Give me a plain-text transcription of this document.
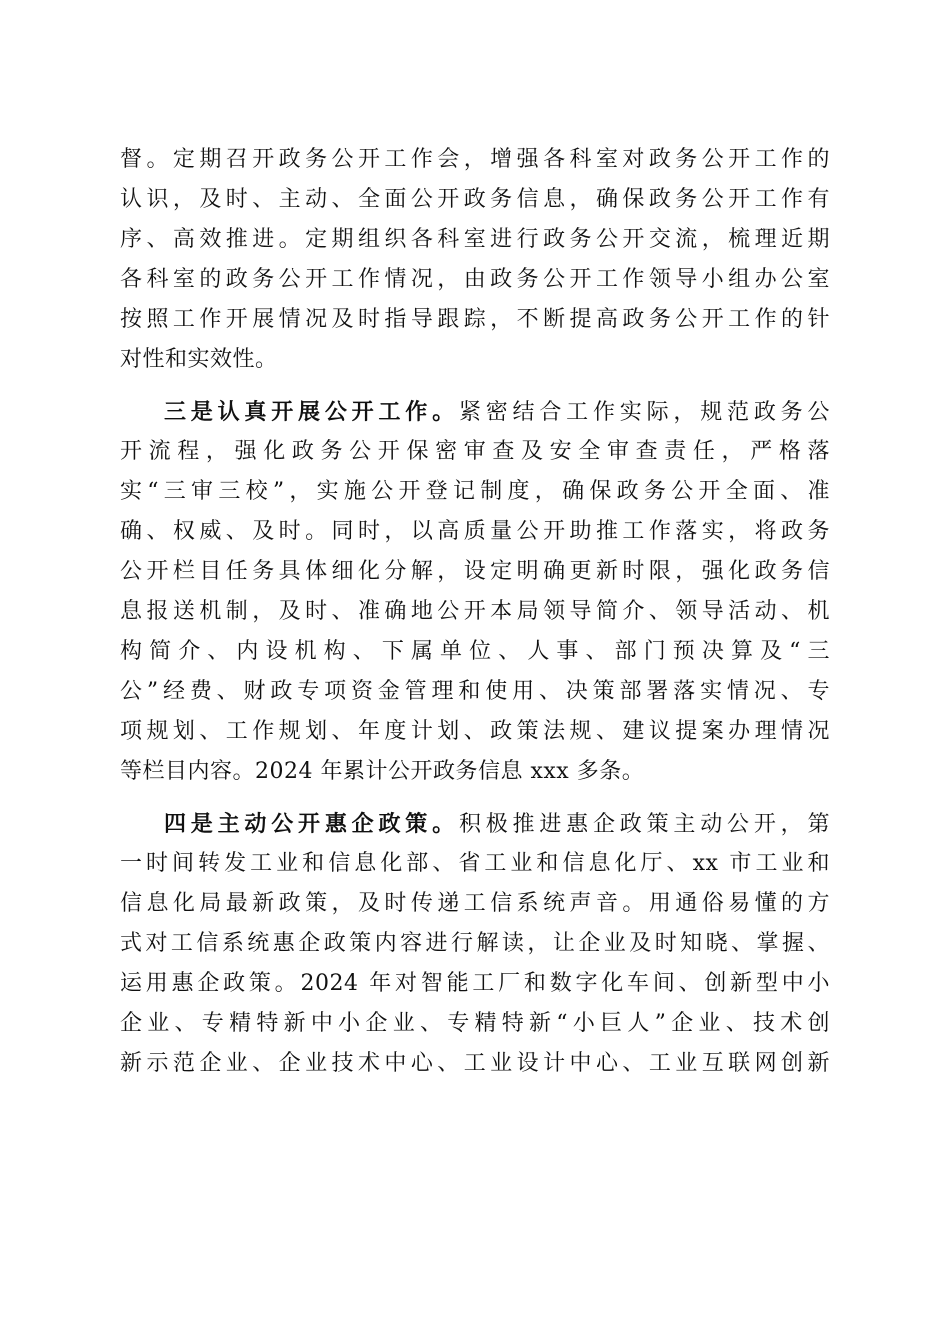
督。定期召开政务公开工作会，增强各科室对政务公开工作的
认识，及时、主动、全面公开政务信息，确保政务公开工作有
序、高效推进。定期组织各科室进行政务公开交流，梳理近期
各科室的政务公开工作情况，由政务公开工作领导小组办公室
按照工作开展情况及时指导跟踪，不断提高政务公开工作的针
对性和实效性。
三是认真开展公开工作。紧密结合工作实际，规范政务公
开流程，强化政务公开保密审查及安全审查责任，严格落
实“三审三校”，实施公开登记制度，确保政务公开全面、准
确、权威、及时。同时，以高质量公开助推工作落实，将政务
公开栏目任务具体细化分解，设定明确更新时限，强化政务信
息报送机制，及时、准确地公开本局领导简介、领导活动、机
构简介、内设机构、下属单位、人事、部门预决算及“三
公”经费、财政专项资金管理和使用、决策部署落实情况、专
项规划、工作规划、年度计划、政策法规、建议提案办理情况
等栏目内容。2024 年累计公开政务信息 xxx 多条。
四是主动公开惠企政策。积极推进惠企政策主动公开，第
一时间转发工业和信息化部、省工业和信息化厅、xx 市工业和
信息化局最新政策，及时传递工信系统声音。用通俗易懂的方
式对工信系统惠企政策内容进行解读，让企业及时知晓、掌握、
运用惠企政策。2024 年对智能工厂和数字化车间、创新型中小
企业、专精特新中小企业、专精特新“小巨人”企业、技术创
新示范企业、企业技术中心、工业设计中心、工业互联网创新
